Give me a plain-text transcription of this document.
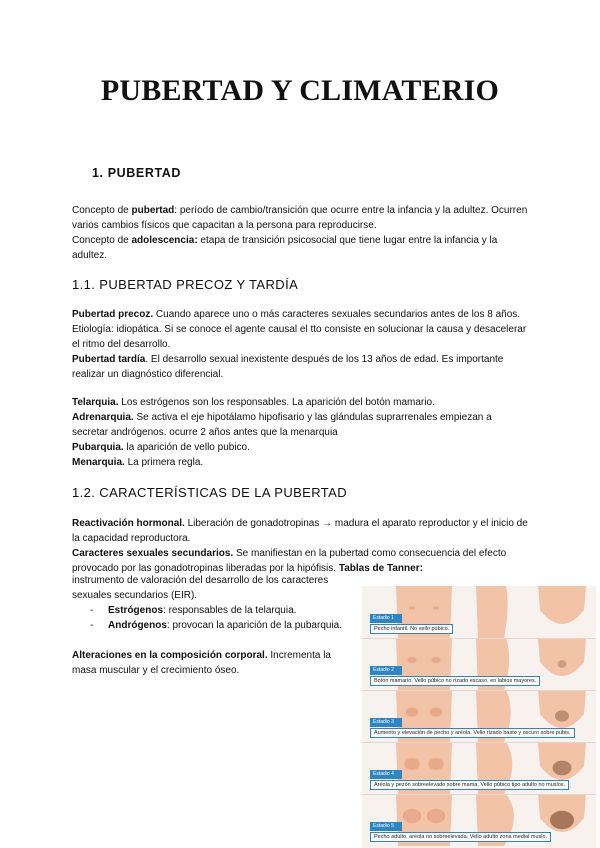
PUBERTAD Y CLIMATERIO
1. PUBERTAD

Concepto de pubertad: período de cambio/transición que ocurre entre la infancia y la adultez. Ocurren varios cambios físicos que capacitan a la persona para reproducirse.
Concepto de adolescencia: etapa de transición psicosocial que tiene lugar entre la infancia y la adultez.

1.1. PUBERTAD PRECOZ Y TARDÍA

Pubertad precoz. Cuando aparece uno o más caracteres sexuales secundarios antes de los 8 años. Etiología: idiopática. Si se conoce el agente causal el tto consiste en solucionar la causa y desacelerar el ritmo del desarrollo.
Pubertad tardía. El desarrollo sexual inexistente después de los 13 años de edad. Es importante realizar un diagnóstico diferencial.

Telarquia. Los estrógenos son los responsables. La aparición del botón mamario.
Adrenarquia. Se activa el eje hipotálamo hipofisario y las glándulas suprarrenales empiezan a secretar andrógenos. ocurre 2 años antes que la menarquia
Pubarquia. la aparición de vello pubico.
Menarquia. La primera regla.

1.2. CARACTERÍSTICAS DE LA PUBERTAD

Reactivación hormonal. Liberación de gonadotropinas → madura el aparato reproductor y el inicio de la capacidad reproductora.
Caracteres sexuales secundarios. Se manifiestan en la pubertad como consecuencia del efecto provocado por las gonadotropinas liberadas por la hipófisis. Tablas de Tanner:

instrumento de valoración del desarrollo de los caracteres sexuales secundarios (EIR).

- Estrógenos: responsables de la telarquia.
- Andrógenos: provocan la aparición de la pubarquia.

Alteraciones en la composición corporal. Incrementa la masa muscular y el crecimiento óseo.

Estadio 1
Pecho infantil. No vello púbico.
Estadio 2
Botón mamario. Vello púbico no rizado escaso, en labios mayores.
Estadio 3
Aumento y elevación de pecho y aréola. Vello rizado basto y oscuro sobre pubis.
Estadio 4
Aréola y pezón sobreelevado sobre mama. Vello púbico tipo adulto no muslos.
Estadio 5
Pecho adulto, aréola no sobreelevada. Vello adulto zona medial muslo.
